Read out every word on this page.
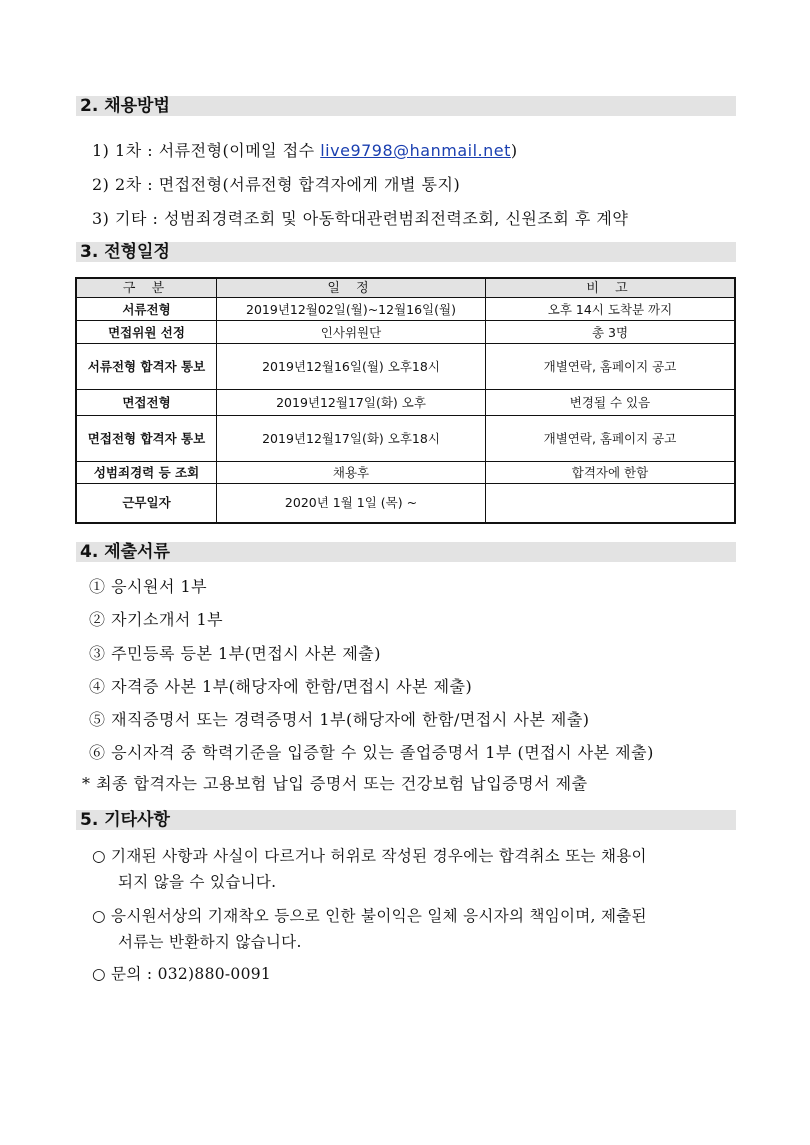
2. 채용방법
1) 1차 : 서류전형(이메일 접수 live9798@hanmail.net)
2) 2차 : 면접전형(서류전형 합격자에게 개별 통지)
3) 기타 : 성범죄경력조회 및 아동학대관련범죄전력조회, 신원조회 후 계약
3. 전형일정
구 분	일 정	비 고
서류전형	2019년12월02일(월)~12월16일(월)	오후 14시 도착분 까지
면접위원 선정	인사위원단	총 3명
서류전형 합격자 통보	2019년12월16일(월) 오후18시	개별연락, 홈페이지 공고
면접전형	2019년12월17일(화) 오후	변경될 수 있음
면접전형 합격자 통보	2019년12월17일(화) 오후18시	개별연락, 홈페이지 공고
성범죄경력 등 조회	채용후	합격자에 한함
근무일자	2020년 1월 1일 (목) ~	
4. 제출서류
① 응시원서 1부
② 자기소개서 1부
③ 주민등록 등본 1부(면접시 사본 제출)
④ 자격증 사본 1부(해당자에 한함/면접시 사본 제출)
⑤ 재직증명서 또는 경력증명서 1부(해당자에 한함/면접시 사본 제출)
⑥ 응시자격 중 학력기준을 입증할 수 있는 졸업증명서 1부 (면접시 사본 제출)
* 최종 합격자는 고용보험 납입 증명서 또는 건강보험 납입증명서 제출
5. 기타사항
○ 기재된 사항과 사실이 다르거나 허위로 작성된 경우에는 합격취소 또는 채용이
되지 않을 수 있습니다.
○ 응시원서상의 기재착오 등으로 인한 불이익은 일체 응시자의 책임이며, 제출된
서류는 반환하지 않습니다.
○ 문의 : 032)880-0091
